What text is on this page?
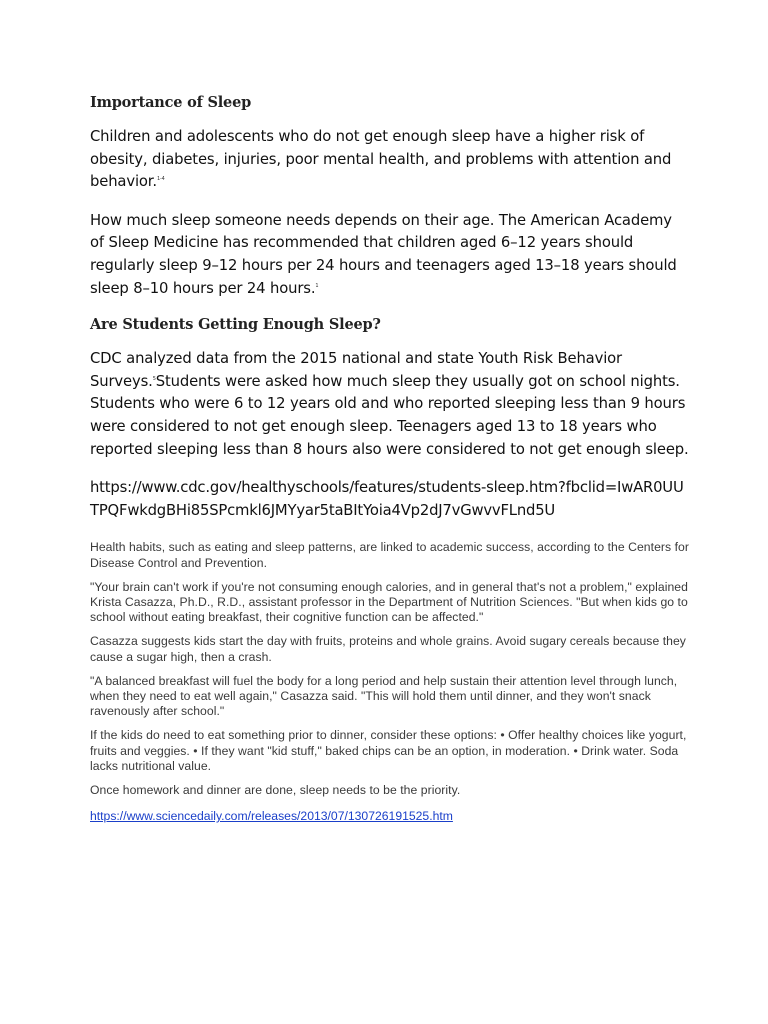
Importance of Sleep

Children and adolescents who do not get enough sleep have a higher risk of obesity, diabetes, injuries, poor mental health, and problems with attention and behavior.$^{1-4}$

How much sleep someone needs depends on their age. The American Academy of Sleep Medicine has recommended that children aged 6–12 years should regularly sleep 9–12 hours per 24 hours and teenagers aged 13–18 years should sleep 8–10 hours per 24 hours.$^1$

Are Students Getting Enough Sleep?

CDC analyzed data from the 2015 national and state Youth Risk Behavior Surveys.$^5$Students were asked how much sleep they usually got on school nights. Students who were 6 to 12 years old and who reported sleeping less than 9 hours were considered to not get enough sleep. Teenagers aged 13 to 18 years who reported sleeping less than 8 hours also were considered to not get enough sleep.

https://www.cdc.gov/healthyschools/features/students-sleep.htm?fbclid=IwAR0UUTPQFwkdgBHi85SPcmkl6JMYyar5taBItYoia4Vp2dJ7vGwvvFLnd5U

Health habits, such as eating and sleep patterns, are linked to academic success, according to the Centers for Disease Control and Prevention.

"Your brain can't work if you're not consuming enough calories, and in general that's not a problem," explained Krista Casazza, Ph.D., R.D., assistant professor in the Department of Nutrition Sciences. "But when kids go to school without eating breakfast, their cognitive function can be affected."

Casazza suggests kids start the day with fruits, proteins and whole grains. Avoid sugary cereals because they cause a sugar high, then a crash.

"A balanced breakfast will fuel the body for a long period and help sustain their attention level through lunch, when they need to eat well again," Casazza said. "This will hold them until dinner, and they won't snack ravenously after school."

If the kids do need to eat something prior to dinner, consider these options: • Offer healthy choices like yogurt, fruits and veggies. • If they want "kid stuff," baked chips can be an option, in moderation. • Drink water. Soda lacks nutritional value.

Once homework and dinner are done, sleep needs to be the priority.

https://www.sciencedaily.com/releases/2013/07/130726191525.htm
